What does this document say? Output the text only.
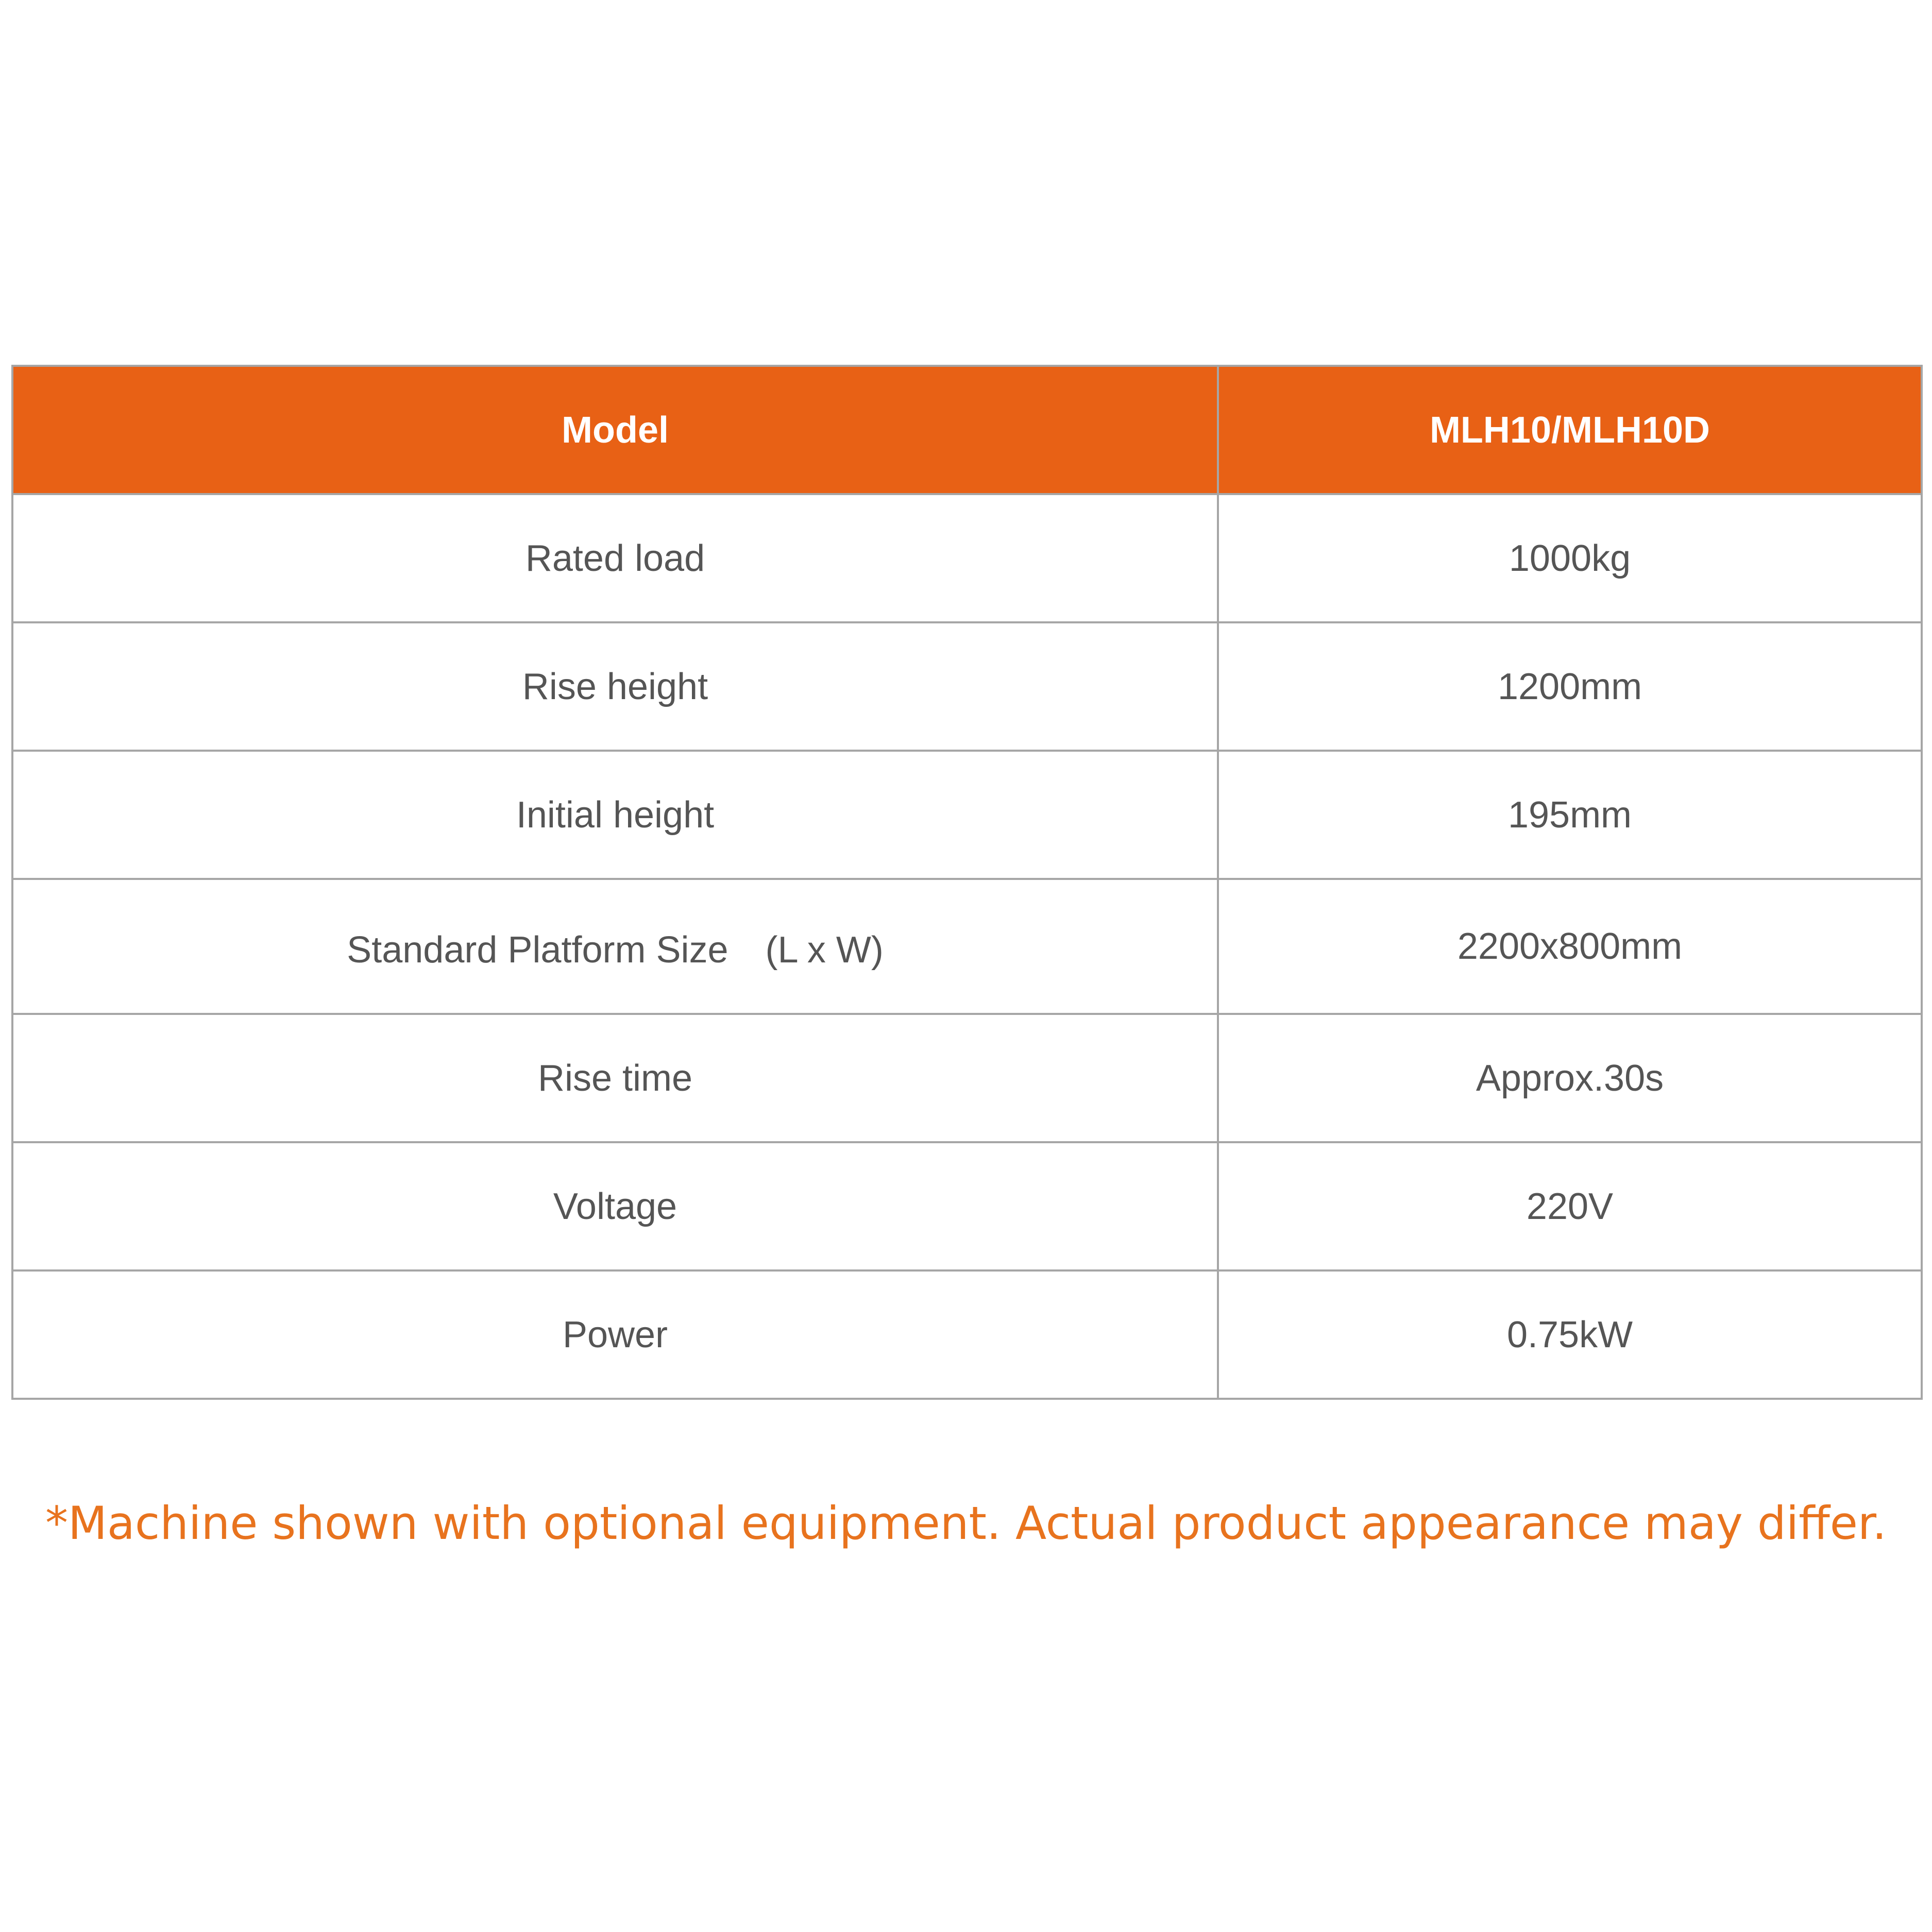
Model	MLH10/MLH10D
Rated load	1000kg
Rise height	1200mm
Initial height	195mm
Standard Platform Size　(L x W)	2200x800mm
Rise time	Approx.30s
Voltage	220V
Power	0.75kW
*Machine shown with optional equipment. Actual product appearance may differ.
